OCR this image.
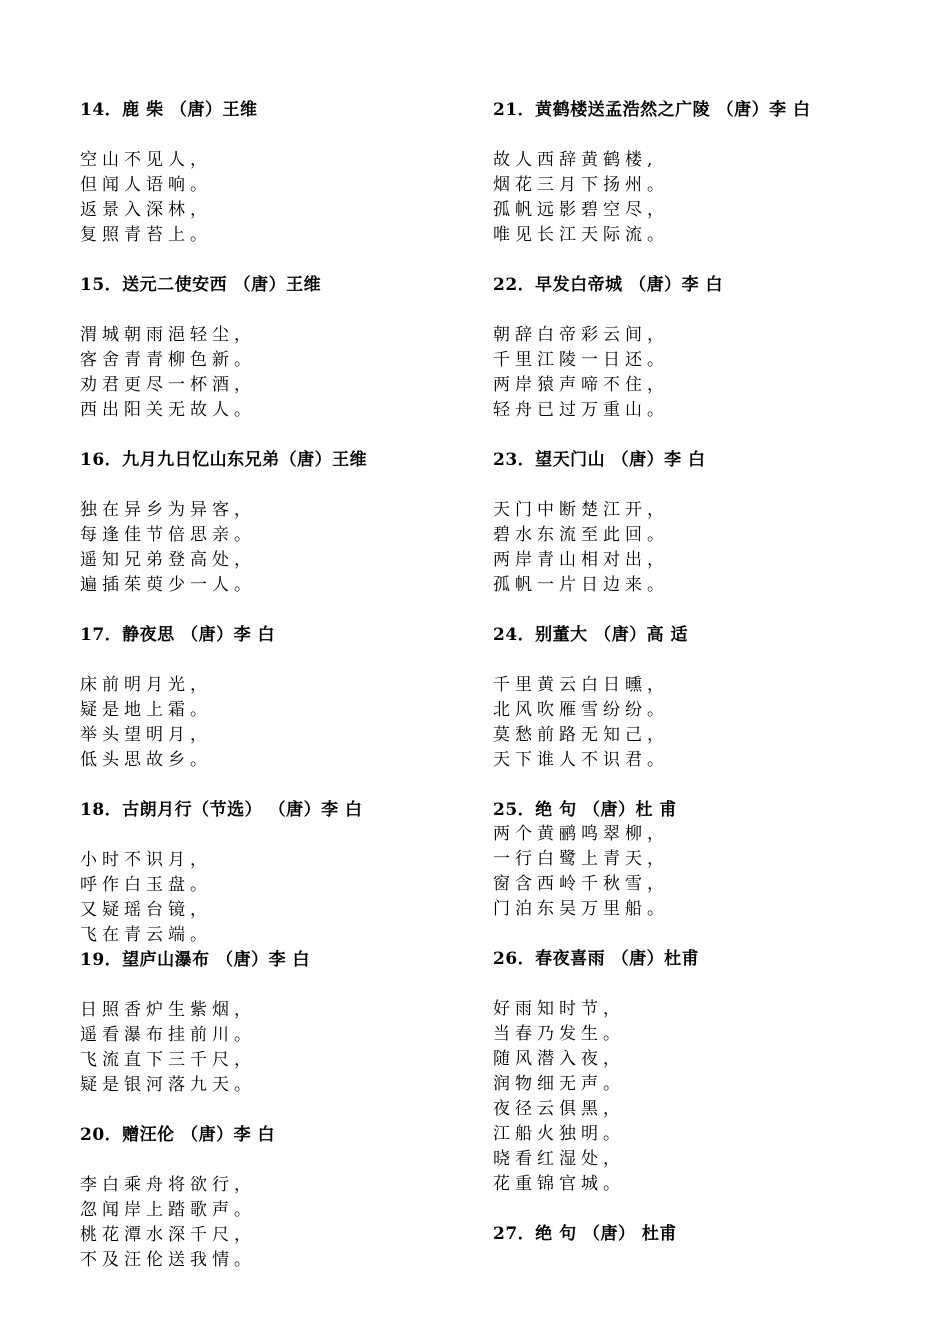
14．鹿 柴 （唐）王维
空山不见人，
但闻人语响。
返景入深林，
复照青苔上。
15．送元二使安西 （唐）王维
渭城朝雨浥轻尘，
客舍青青柳色新。
劝君更尽一杯酒，
西出阳关无故人。
16．九月九日忆山东兄弟（唐）王维
独在异乡为异客，
每逢佳节倍思亲。
遥知兄弟登高处，
遍插茱萸少一人。
17．静夜思 （唐）李 白
床前明月光，
疑是地上霜。
举头望明月，
低头思故乡。
18．古朗月行（节选） （唐）李 白
小时不识月，
呼作白玉盘。
又疑瑶台镜，
飞在青云端。
19．望庐山瀑布 （唐）李 白
日照香炉生紫烟，
遥看瀑布挂前川。
飞流直下三千尺，
疑是银河落九天。
20．赠汪伦 （唐）李 白
李白乘舟将欲行，
忽闻岸上踏歌声。
桃花潭水深千尺，
不及汪伦送我情。
21．黄鹤楼送孟浩然之广陵 （唐）李 白
故人西辞黄鹤楼,
烟花三月下扬州。
孤帆远影碧空尽，
唯见长江天际流。
22．早发白帝城 （唐）李 白
朝辞白帝彩云间，
千里江陵一日还。
两岸猿声啼不住，
轻舟已过万重山。
23．望天门山 （唐）李 白
天门中断楚江开，
碧水东流至此回。
两岸青山相对出，
孤帆一片日边来。
24．别董大 （唐）高 适
千里黄云白日曛，
北风吹雁雪纷纷。
莫愁前路无知己，
天下谁人不识君。
25．绝 句 （唐）杜 甫
两个黄鹂鸣翠柳，
一行白鹭上青天，
窗含西岭千秋雪，
门泊东吴万里船。
26．春夜喜雨 （唐）杜甫
好雨知时节，
当春乃发生。
随风潜入夜，
润物细无声。
夜径云俱黑，
江船火独明。
晓看红湿处，
花重锦官城。
27．绝 句 （唐） 杜甫
